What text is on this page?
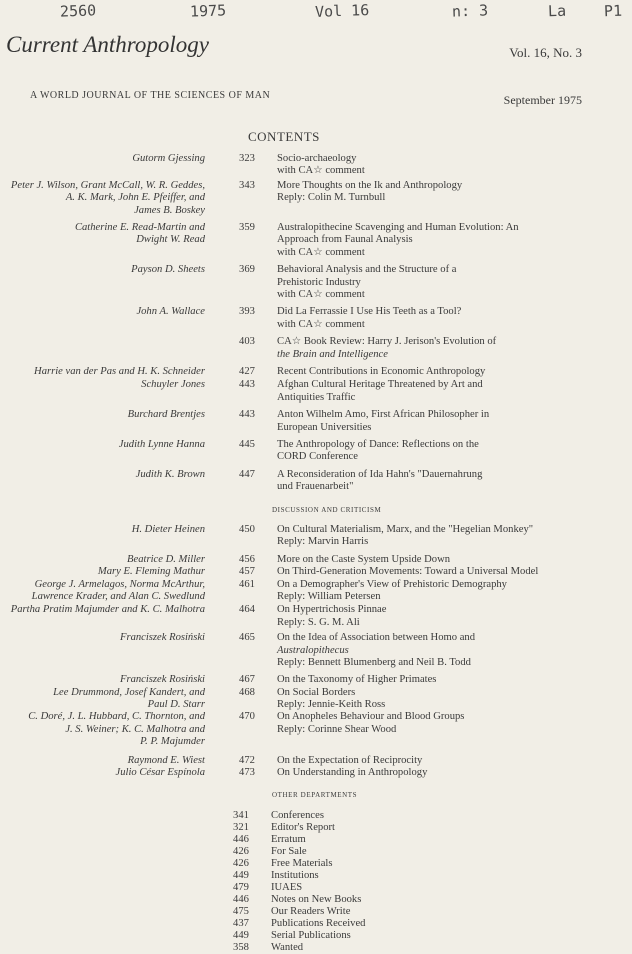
2560	1975	Vol 16	n: 3	La P1
Current Anthropology	Vol. 16, No. 3
A WORLD JOURNAL OF THE SCIENCES OF MAN	September 1975
CONTENTS
Gutorm Gjessing	323	Socio-archaeology
with CA☆ comment
Peter J. Wilson, Grant McCall, W. R. Geddes,
A. K. Mark, John E. Pfeiffer, and
James B. Boskey
343	More Thoughts on the Ik and Anthropology
Reply: Colin M. Turnbull
Catherine E. Read-Martin and
Dwight W. Read
359	Australopithecine Scavenging and Human Evolution: An
Approach from Faunal Analysis
with CA☆ comment
Payson D. Sheets	369	Behavioral Analysis and the Structure of a
Prehistoric Industry
with CA☆ comment
John A. Wallace	393	Did La Ferrassie I Use His Teeth as a Tool?
with CA☆ comment
403	CA☆ Book Review: Harry J. Jerison's Evolution of
the Brain and Intelligence
Harrie van der Pas and H. K. Schneider	427	Recent Contributions in Economic Anthropology
Schuyler Jones	443	Afghan Cultural Heritage Threatened by Art and
Antiquities Traffic
Burchard Brentjes	443	Anton Wilhelm Amo, First African Philosopher in
European Universities
Judith Lynne Hanna	445	The Anthropology of Dance: Reflections on the
CORD Conference
Judith K. Brown	447	A Reconsideration of Ida Hahn's "Dauernahrung
und Frauenarbeit"
DISCUSSION AND CRITICISM
H. Dieter Heinen	450	On Cultural Materialism, Marx, and the "Hegelian Monkey"
Reply: Marvin Harris
Beatrice D. Miller	456	More on the Caste System Upside Down
Mary E. Fleming Mathur	457	On Third-Generation Movements: Toward a Universal Model
George J. Armelagos, Norma McArthur,
Lawrence Krader, and Alan C. Swedlund
461	On a Demographer's View of Prehistoric Demography
Reply: William Petersen
Partha Pratim Majumder and K. C. Malhotra	464	On Hypertrichosis Pinnae
Reply: S. G. M. Ali
Franciszek Rosiński	465	On the Idea of Association between Homo and
Australopithecus
Reply: Bennett Blumenberg and Neil B. Todd
Franciszek Rosiński	467	On the Taxonomy of Higher Primates
Lee Drummond, Josef Kandert, and
Paul D. Starr
468	On Social Borders
Reply: Jennie-Keith Ross
C. Doré, J. L. Hubbard, C. Thornton, and
J. S. Weiner; K. C. Malhotra and
P. P. Majumder
470	On Anopheles Behaviour and Blood Groups
Reply: Corinne Shear Wood
Raymond E. Wiest	472	On the Expectation of Reciprocity
Julio César Espínola	473	On Understanding in Anthropology
OTHER DEPARTMENTS
341	Conferences
321	Editor's Report
446	Erratum
426	For Sale
426	Free Materials
449	Institutions
479	IUAES
446	Notes on New Books
475	Our Readers Write
437	Publications Received
449	Serial Publications
358	Wanted
